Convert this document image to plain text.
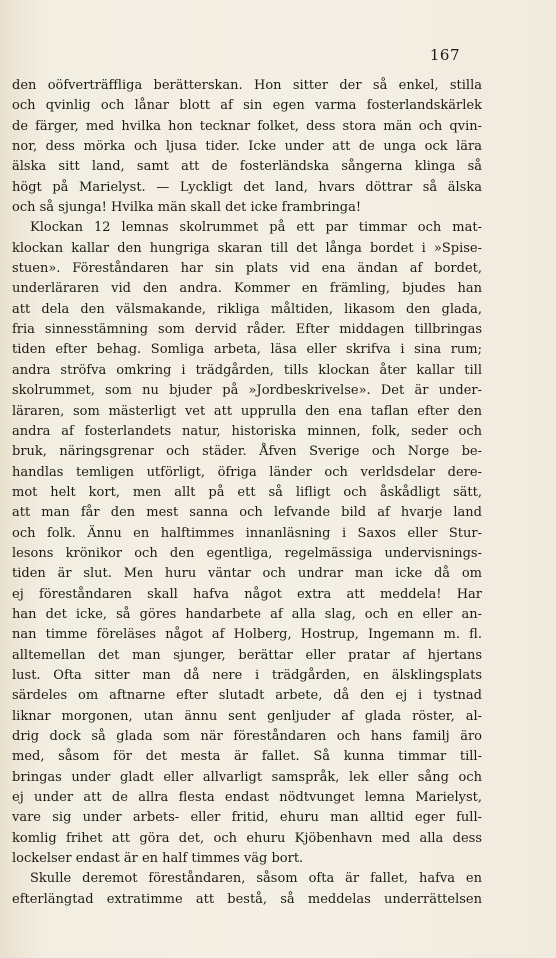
167
den oöfverträffliga berätterskan. Hon sitter der så enkel, stilla
och qvinlig och lånar blott af sin egen varma fosterlandskärlek
de färger, med hvilka hon tecknar folket, dess stora män och qvin-
nor, dess mörka och ljusa tider. Icke under att de unga ock lära
älska sitt land, samt att de fosterländska sångerna klinga så
högt på Marielyst. — Lyckligt det land, hvars döttrar så älska
och så sjunga! Hvilka män skall det icke frambringa!
Klockan 12 lemnas skolrummet på ett par timmar och mat-
klockan kallar den hungriga skaran till det långa bordet i »Spise-
stuen». Föreståndaren har sin plats vid ena ändan af bordet,
underläraren vid den andra. Kommer en främling, bjudes han
att dela den välsmakande, rikliga måltiden, likasom den glada,
fria sinnesstämning som dervid råder. Efter middagen tillbringas
tiden efter behag. Somliga arbeta, läsa eller skrifva i sina rum;
andra ströfva omkring i trädgården, tills klockan åter kallar till
skolrummet, som nu bjuder på »Jordbeskrivelse». Det är under-
läraren, som mästerligt vet att upprulla den ena taflan efter den
andra af fosterlandets natur, historiska minnen, folk, seder och
bruk, näringsgrenar och städer. Åfven Sverige och Norge be-
handlas temligen utförligt, öfriga länder och verldsdelar dere-
mot helt kort, men allt på ett så lifligt och åskådligt sätt,
att man får den mest sanna och lefvande bild af hvarje land
och folk. Ännu en halftimmes innanläsning i Saxos eller Stur-
lesons krönikor och den egentliga, regelmässiga undervisnings-
tiden är slut. Men huru väntar och undrar man icke då om
ej föreståndaren skall hafva något extra att meddela! Har
han det icke, så göres handarbete af alla slag, och en eller an-
nan timme föreläses något af Holberg, Hostrup, Ingemann m. fl.
alltemellan det man sjunger, berättar eller pratar af hjertans
lust. Ofta sitter man då nere i trädgården, en älsklingsplats
särdeles om aftnarne efter slutadt arbete, då den ej i tystnad
liknar morgonen, utan ännu sent genljuder af glada röster, al-
drig dock så glada som när föreståndaren och hans familj äro
med, såsom för det mesta är fallet. Så kunna timmar till-
bringas under gladt eller allvarligt samspråk, lek eller sång och
ej under att de allra flesta endast nödtvunget lemna Marielyst,
vare sig under arbets- eller fritid, ehuru man alltid eger full-
komlig frihet att göra det, och ehuru Kjöbenhavn med alla dess
lockelser endast är en half timmes väg bort.
Skulle deremot föreståndaren, såsom ofta är fallet, hafva en
efterlängtad extratimme att bestå, så meddelas underrättelsen
